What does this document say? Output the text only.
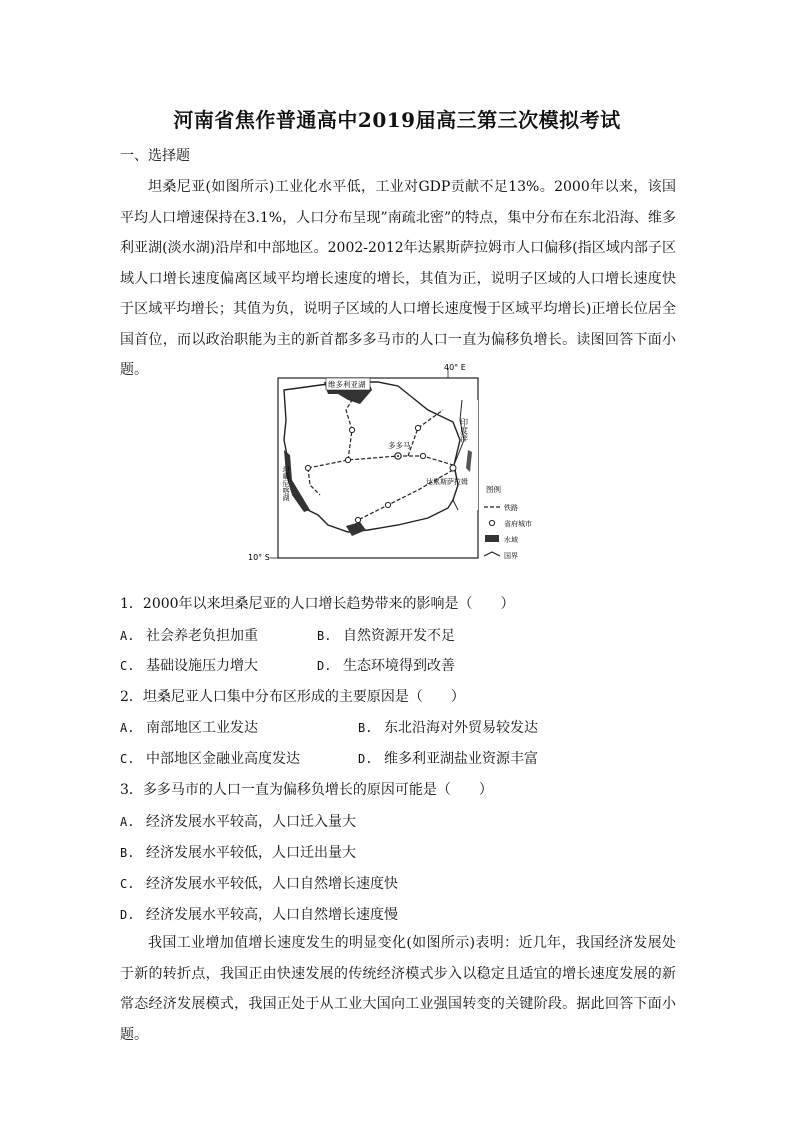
河南省焦作普通高中2019届高三第三次模拟考试
一、选择题

坦桑尼亚(如图所示)工业化水平低，工业对GDP贡献不足13%。2000年以来，该国平均人口增速保持在3.1%，人口分布呈现”南疏北密”的特点，集中分布在东北沿海、维多利亚湖(淡水湖)沿岸和中部地区。2002-2012年达累斯萨拉姆市人口偏移(指区域内部子区域人口增长速度偏离区域平均增长速度的增长，其值为正，说明子区域的人口增长速度快于区域平均增长；其值为负，说明子区域的人口增长速度慢于区域平均增长)正增长位居全国首位，而以政治职能为主的新首都多多马市的人口一直为偏移负增长。读图回答下面小题。	40° E
10° S
维多利亚湖
坦噶尼喀湖
多多马
达累斯萨拉姆
印度洋
图例
铁路
省府城市
水域
国界
1．2000年以来坦桑尼亚的人口增长趋势带来的影响是（　　）
A. 社会养老负担加重	B. 自然资源开发不足
C. 基础设施压力增大	D. 生态环境得到改善
2．坦桑尼亚人口集中分布区形成的主要原因是（　　）
A. 南部地区工业发达	B. 东北沿海对外贸易较发达
C. 中部地区金融业高度发达	D. 维多利亚湖盐业资源丰富
3．多多马市的人口一直为偏移负增长的原因可能是（　　）
A. 经济发展水平较高，人口迁入量大
B. 经济发展水平较低，人口迁出量大
C. 经济发展水平较低，人口自然增长速度快
D. 经济发展水平较高，人口自然增长速度慢

我国工业增加值增长速度发生的明显变化(如图所示)表明：近几年，我国经济发展处于新的转折点，我国正由快速发展的传统经济模式步入以稳定且适宜的增长速度发展的新常态经济发展模式，我国正处于从工业大国向工业强国转变的关键阶段。据此回答下面小题。
